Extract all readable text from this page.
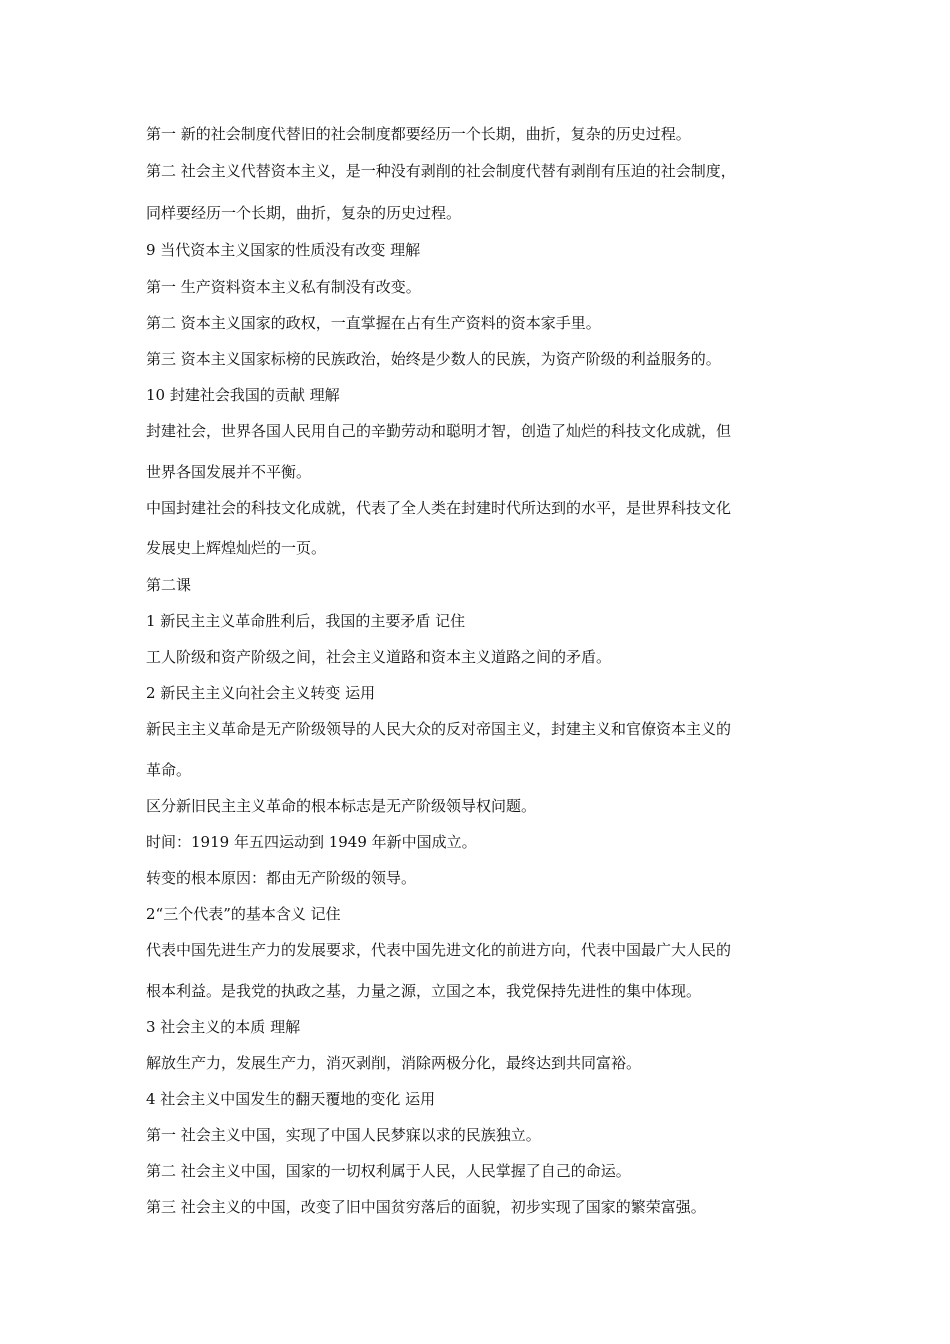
第一 新的社会制度代替旧的社会制度都要经历一个长期，曲折，复杂的历史过程。
第二 社会主义代替资本主义，是一种没有剥削的社会制度代替有剥削有压迫的社会制度，
同样要经历一个长期，曲折，复杂的历史过程。
9 当代资本主义国家的性质没有改变 理解
第一 生产资料资本主义私有制没有改变。
第二 资本主义国家的政权，一直掌握在占有生产资料的资本家手里。
第三 资本主义国家标榜的民族政治，始终是少数人的民族，为资产阶级的利益服务的。
10 封建社会我国的贡献 理解
封建社会，世界各国人民用自己的辛勤劳动和聪明才智，创造了灿烂的科技文化成就，但
世界各国发展并不平衡。
中国封建社会的科技文化成就，代表了全人类在封建时代所达到的水平，是世界科技文化
发展史上辉煌灿烂的一页。
第二课
1 新民主主义革命胜利后，我国的主要矛盾 记住
工人阶级和资产阶级之间，社会主义道路和资本主义道路之间的矛盾。
2 新民主主义向社会主义转变 运用
新民主主义革命是无产阶级领导的人民大众的反对帝国主义，封建主义和官僚资本主义的
革命。
区分新旧民主主义革命的根本标志是无产阶级领导权问题。
时间：1919 年五四运动到 1949 年新中国成立。
转变的根本原因：都由无产阶级的领导。
2“三个代表”的基本含义 记住
代表中国先进生产力的发展要求，代表中国先进文化的前进方向，代表中国最广大人民的
根本利益。是我党的执政之基，力量之源，立国之本，我党保持先进性的集中体现。
3 社会主义的本质 理解
解放生产力，发展生产力，消灭剥削，消除两极分化，最终达到共同富裕。
4 社会主义中国发生的翻天覆地的变化 运用
第一 社会主义中国，实现了中国人民梦寐以求的民族独立。
第二 社会主义中国，国家的一切权利属于人民，人民掌握了自己的命运。
第三 社会主义的中国，改变了旧中国贫穷落后的面貌，初步实现了国家的繁荣富强。
